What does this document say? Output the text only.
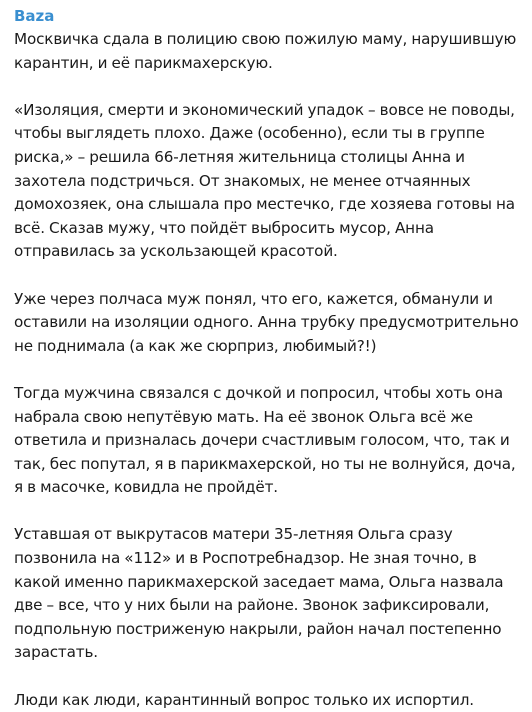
Baza

Москвичка сдала в полицию свою пожилую маму, нарушившую карантин, и её парикмахерскую.

«Изоляция, смерти и экономический упадок – вовсе не поводы, чтобы выглядеть плохо. Даже (особенно), если ты в группе риска,» – решила 66-летняя жительница столицы Анна и захотела подстричься. От знакомых, не менее отчаянных домохозяек, она слышала про местечко, где хозяева готовы на всё. Сказав мужу, что пойдёт выбросить мусор, Анна отправилась за ускользающей красотой.

Уже через полчаса муж понял, что его, кажется, обманули и оставили на изоляции одного. Анна трубку предусмотрительно не поднимала (а как же сюрприз, любимый?!)

Тогда мужчина связался с дочкой и попросил, чтобы хоть она набрала свою непутёвую мать. На её звонок Ольга всё же ответила и призналась дочери счастливым голосом, что, так и так, бес попутал, я в парикмахерской, но ты не волнуйся, доча, я в масочке, ковидла не пройдёт.

Уставшая от выкрутасов матери 35-летняя Ольга сразу позвонила на «112» и в Роспотребнадзор. Не зная точно, в какой именно парикмахерской заседает мама, Ольга назвала две – все, что у них были на районе. Звонок зафиксировали, подпольную постриженую накрыли, район начал постепенно зарастать.

Люди как люди, карантинный вопрос только их испортил.
